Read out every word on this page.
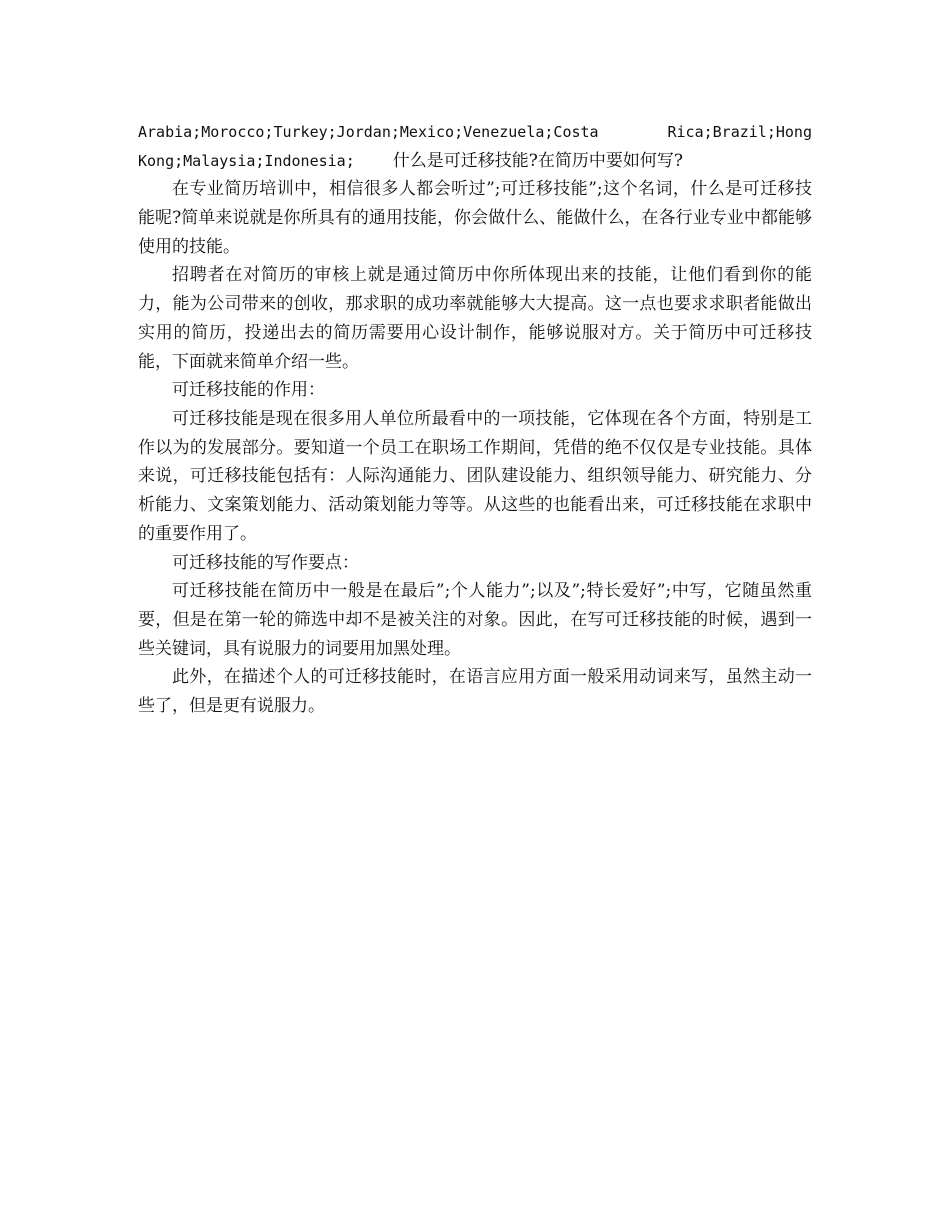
Arabia;Morocco;Turkey;Jordan;Mexico;Venezuela;Costa	Rica;Brazil;Hong
Kong;Malaysia;Indonesia; 什么是可迁移技能?在简历中要如何写?

在专业简历培训中，相信很多人都会听过”;可迁移技能”;这个名词，什么是可迁移技能呢?简单来说就是你所具有的通用技能，你会做什么、能做什么，在各行业专业中都能够使用的技能。

招聘者在对简历的审核上就是通过简历中你所体现出来的技能，让他们看到你的能力，能为公司带来的创收，那求职的成功率就能够大大提高。这一点也要求求职者能做出实用的简历，投递出去的简历需要用心设计制作，能够说服对方。关于简历中可迁移技能，下面就来简单介绍一些。

可迁移技能的作用：

可迁移技能是现在很多用人单位所最看中的一项技能，它体现在各个方面，特别是工作以为的发展部分。要知道一个员工在职场工作期间，凭借的绝不仅仅是专业技能。具体来说，可迁移技能包括有：人际沟通能力、团队建设能力、组织领导能力、研究能力、分析能力、文案策划能力、活动策划能力等等。从这些的也能看出来，可迁移技能在求职中的重要作用了。

可迁移技能的写作要点：

可迁移技能在简历中一般是在最后”;个人能力”;以及”;特长爱好”;中写，它随虽然重要，但是在第一轮的筛选中却不是被关注的对象。因此，在写可迁移技能的时候，遇到一些关键词，具有说服力的词要用加黑处理。

此外，在描述个人的可迁移技能时，在语言应用方面一般采用动词来写，虽然主动一些了，但是更有说服力。
